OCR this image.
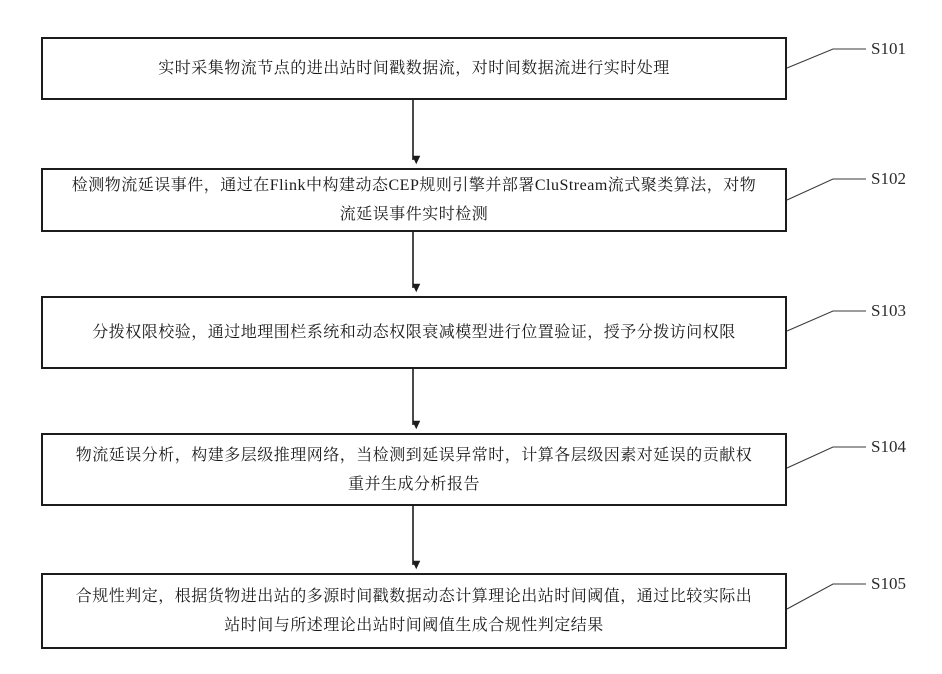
实时采集物流节点的进出站时间戳数据流，对时间数据流进行实时处理
检测物流延误事件，通过在Flink中构建动态CEP规则引擎并部署CluStream流式聚类算法，对物流延误事件实时检测
分拨权限校验，通过地理围栏系统和动态权限衰减模型进行位置验证，授予分拨访问权限
物流延误分析，构建多层级推理网络，当检测到延误异常时，计算各层级因素对延误的贡献权重并生成分析报告
合规性判定，根据货物进出站的多源时间戳数据动态计算理论出站时间阈值，通过比较实际出站时间与所述理论出站时间阈值生成合规性判定结果
S101
S102
S103
S104
S105
